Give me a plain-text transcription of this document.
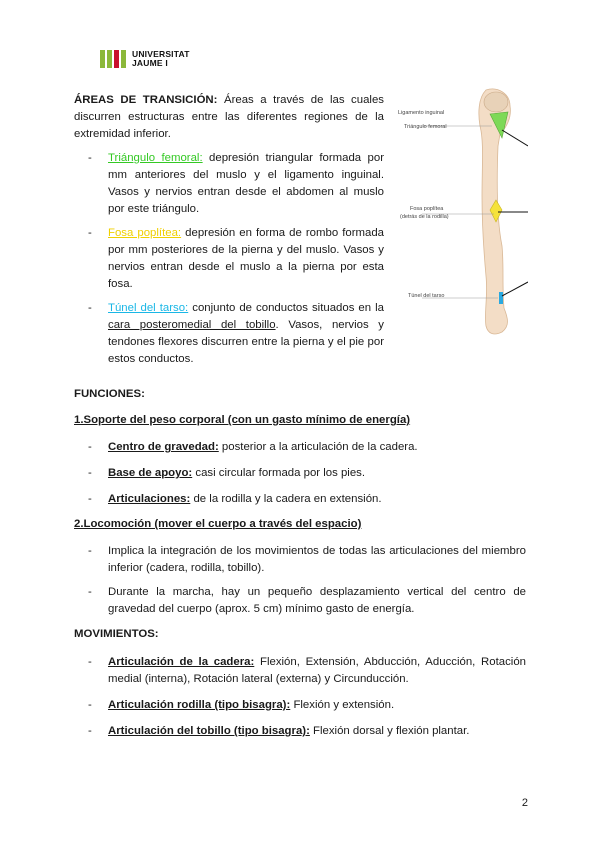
UNIVERSITAT
JAUME I
ÁREAS DE TRANSICIÓN: Áreas a través de las cuales discurren estructuras entre las diferentes regiones de la extremidad inferior.
- Triángulo femoral: depresión triangular formada por mm anteriores del muslo y el ligamento inguinal. Vasos y nervios entran desde el abdomen al muslo por este triángulo.
- Fosa poplítea: depresión en forma de rombo formada por mm posteriores de la pierna y del muslo. Vasos y nervios entran desde el muslo a la pierna por esta fosa.
- Túnel del tarso: conjunto de conductos situados en la cara posteromedial del tobillo. Vasos, nervios y tendones flexores discurren entre la pierna y el pie por estos conductos.
Ligamento inguinal
Triángulo femoral
Fosa poplítea
(detrás de la rodilla)
Túnel del tarso
FUNCIONES:
1.Soporte del peso corporal (con un gasto mínimo de energía)
- Centro de gravedad: posterior a la articulación de la cadera.
- Base de apoyo: casi circular formada por los pies.
- Articulaciones: de la rodilla y la cadera en extensión.
2.Locomoción (mover el cuerpo a través del espacio)
- Implica la integración de los movimientos de todas las articulaciones del miembro inferior (cadera, rodilla, tobillo).
- Durante la marcha, hay un pequeño desplazamiento vertical del centro de gravedad del cuerpo (aprox. 5 cm) mínimo gasto de energía.
MOVIMIENTOS:
- Articulación de la cadera: Flexión, Extensión, Abducción, Aducción, Rotación medial (interna), Rotación lateral (externa) y Circunducción.
- Articulación rodilla (tipo bisagra): Flexión y extensión.
- Articulación del tobillo (tipo bisagra): Flexión dorsal y flexión plantar.
2
